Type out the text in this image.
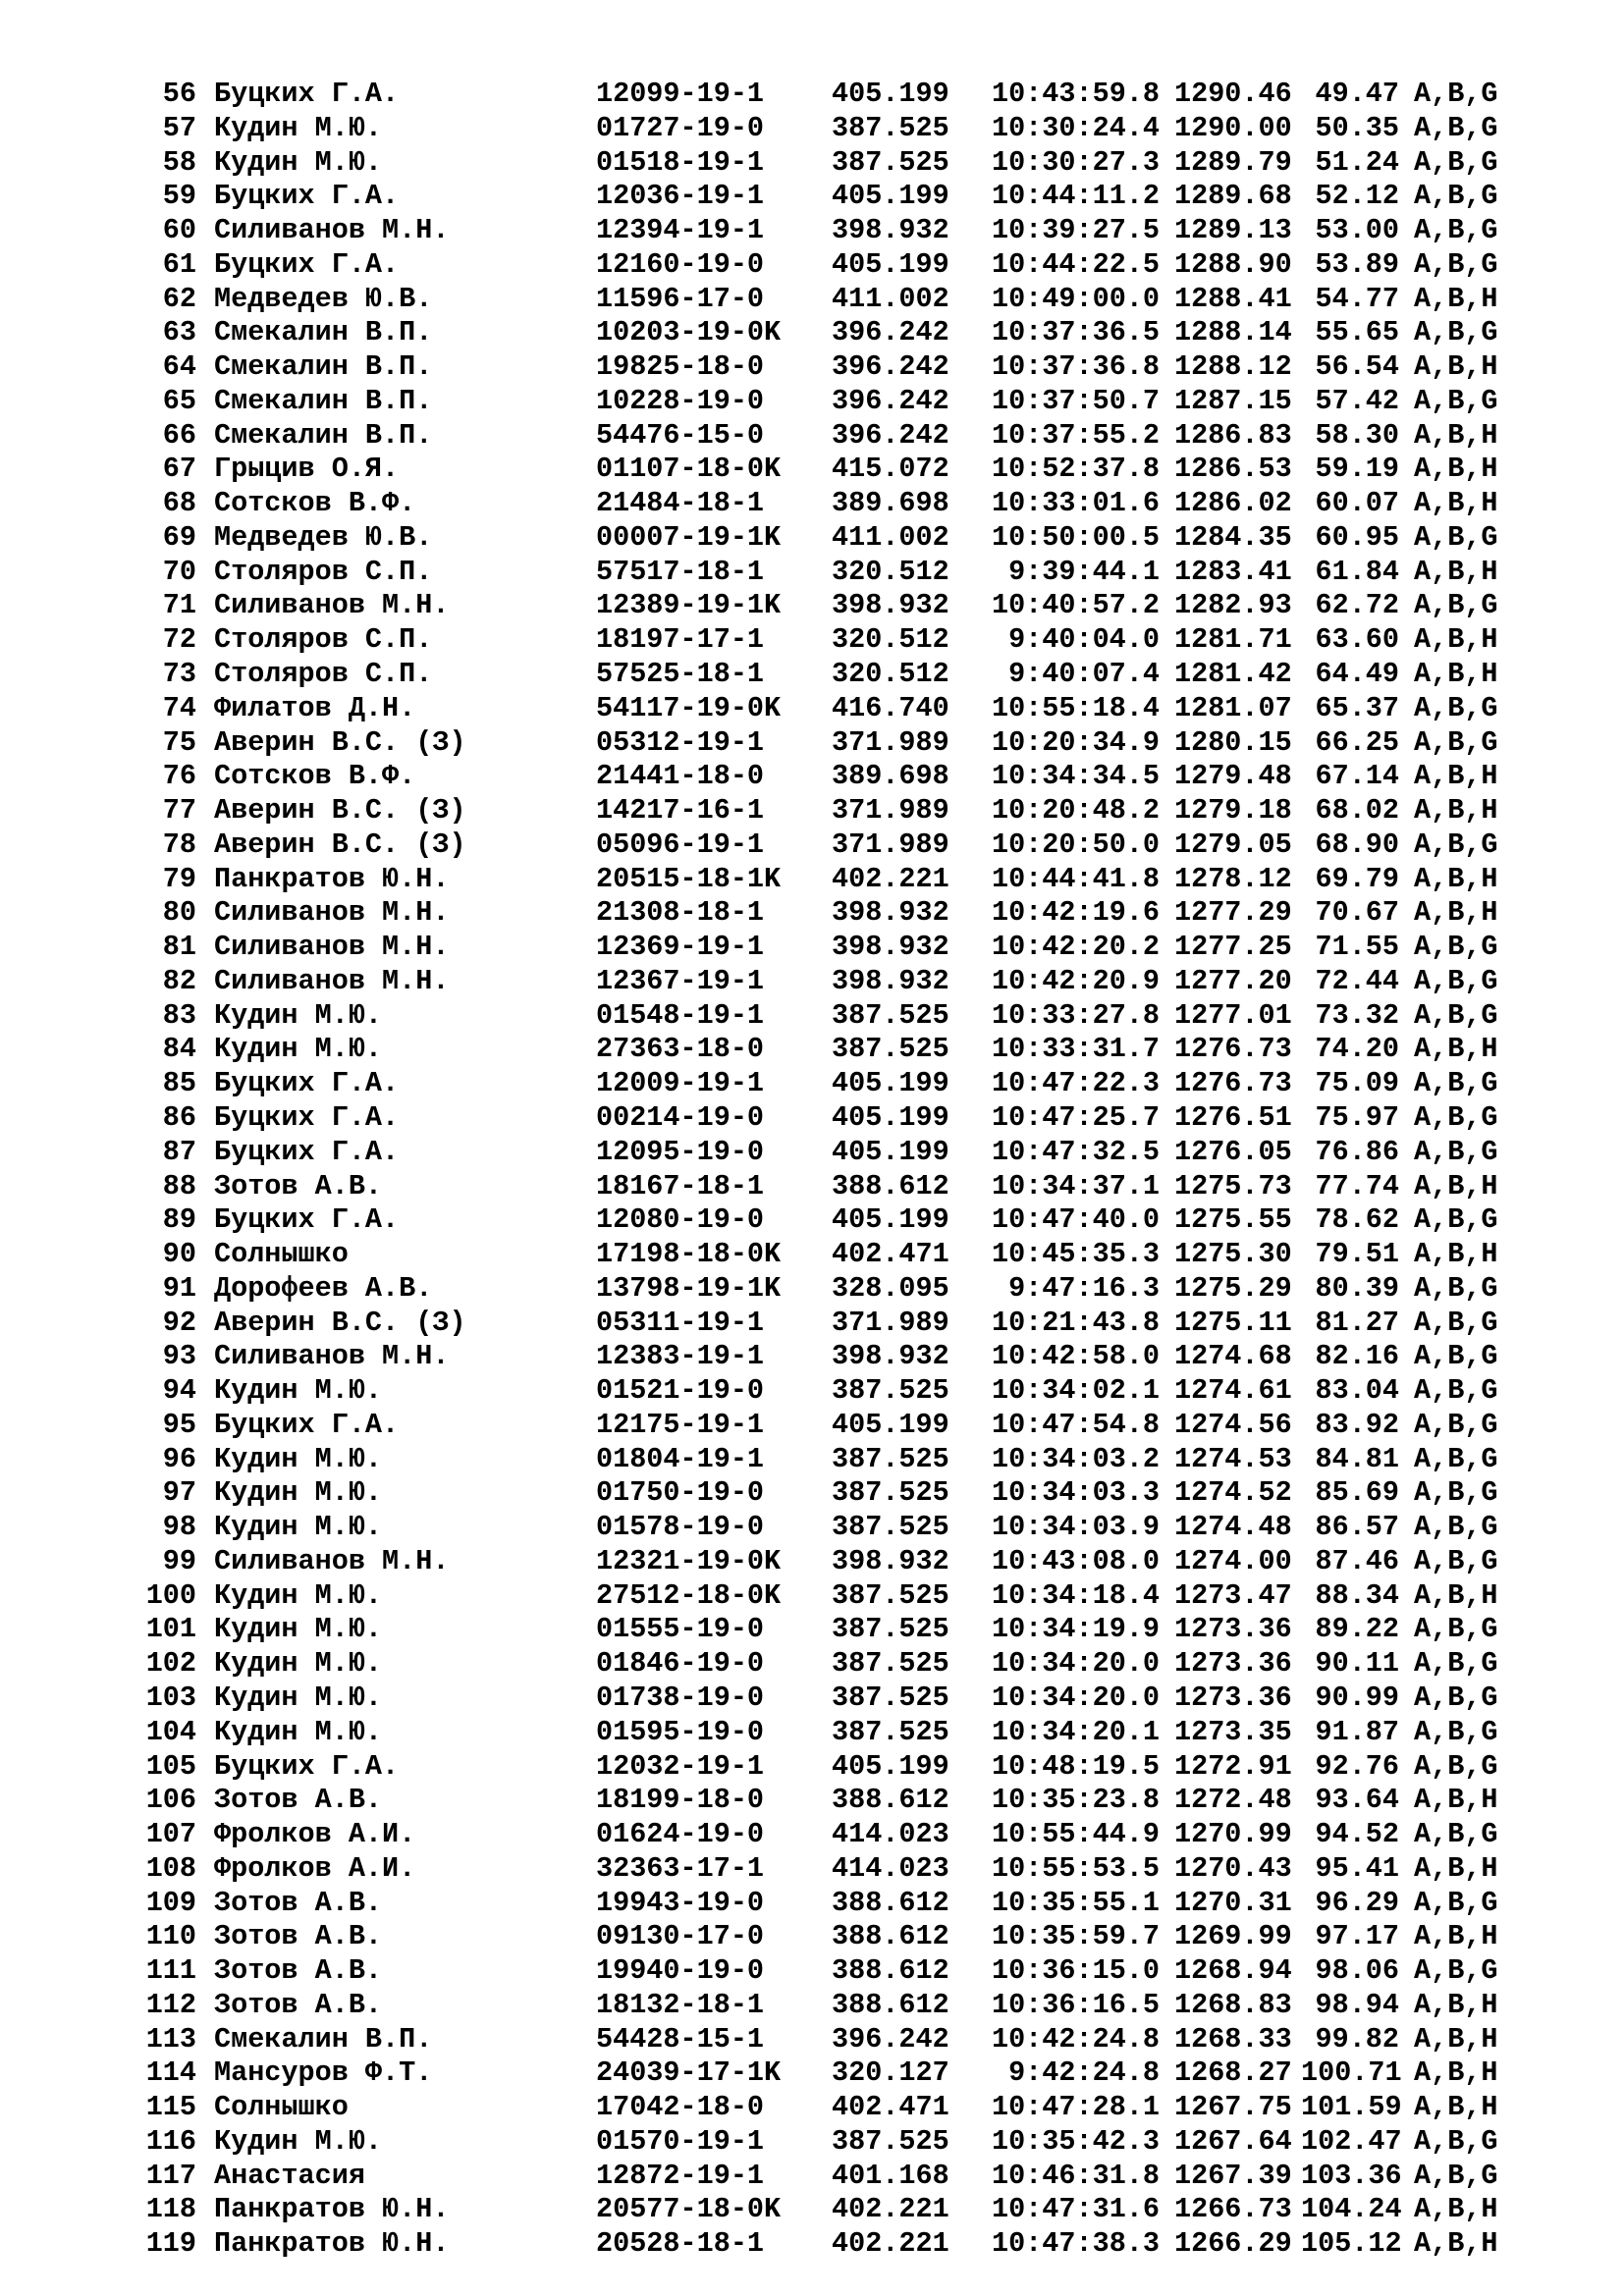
56 Буцких Г.А.	12099-19-1 405.199	10:43:59.8 1290.46 49.47 A,B,G
57 Кудин М.Ю.	01727-19-0 387.525	10:30:24.4 1290.00 50.35 A,B,G
58 Кудин М.Ю.	01518-19-1 387.525	10:30:27.3 1289.79 51.24 A,B,G
59 Буцких Г.А.	12036-19-1 405.199	10:44:11.2 1289.68 52.12 A,B,G
60 Силиванов М.Н.	12394-19-1 398.932	10:39:27.5 1289.13 53.00 A,B,G
61 Буцких Г.А.	12160-19-0 405.199	10:44:22.5 1288.90 53.89 A,B,G
62 Медведев Ю.В.	11596-17-0 411.002	10:49:00.0 1288.41 54.77 A,B,H
63 Смекалин В.П.	10203-19-0K 396.242	10:37:36.5 1288.14 55.65 A,B,G
64 Смекалин В.П.	19825-18-0 396.242	10:37:36.8 1288.12 56.54 A,B,H
65 Смекалин В.П.	10228-19-0 396.242	10:37:50.7 1287.15 57.42 A,B,G
66 Смекалин В.П.	54476-15-0 396.242	10:37:55.2 1286.83 58.30 A,B,H
67 Грыцив О.Я.	01107-18-0K 415.072	10:52:37.8 1286.53 59.19 A,B,H
68 Сотсков В.Ф.	21484-18-1 389.698	10:33:01.6 1286.02 60.07 A,B,H
69 Медведев Ю.В.	00007-19-1K 411.002	10:50:00.5 1284.35 60.95 A,B,G
70 Столяров С.П.	57517-18-1 320.512	9:39:44.1 1283.41 61.84 A,B,H
71 Силиванов М.Н.	12389-19-1K 398.932	10:40:57.2 1282.93 62.72 A,B,G
72 Столяров С.П.	18197-17-1 320.512	9:40:04.0 1281.71 63.60 A,B,H
73 Столяров С.П.	57525-18-1 320.512	9:40:07.4 1281.42 64.49 A,B,H
74 Филатов Д.Н.	54117-19-0K 416.740	10:55:18.4 1281.07 65.37 A,B,G
75 Аверин В.С. (З)	05312-19-1 371.989	10:20:34.9 1280.15 66.25 A,B,G
76 Сотсков В.Ф.	21441-18-0 389.698	10:34:34.5 1279.48 67.14 A,B,H
77 Аверин В.С. (З)	14217-16-1 371.989	10:20:48.2 1279.18 68.02 A,B,H
78 Аверин В.С. (З)	05096-19-1 371.989	10:20:50.0 1279.05 68.90 A,B,G
79 Панкратов Ю.Н.	20515-18-1K 402.221	10:44:41.8 1278.12 69.79 A,B,H
80 Силиванов М.Н.	21308-18-1 398.932	10:42:19.6 1277.29 70.67 A,B,H
81 Силиванов М.Н.	12369-19-1 398.932	10:42:20.2 1277.25 71.55 A,B,G
82 Силиванов М.Н.	12367-19-1 398.932	10:42:20.9 1277.20 72.44 A,B,G
83 Кудин М.Ю.	01548-19-1 387.525	10:33:27.8 1277.01 73.32 A,B,G
84 Кудин М.Ю.	27363-18-0 387.525	10:33:31.7 1276.73 74.20 A,B,H
85 Буцких Г.А.	12009-19-1 405.199	10:47:22.3 1276.73 75.09 A,B,G
86 Буцких Г.А.	00214-19-0 405.199	10:47:25.7 1276.51 75.97 A,B,G
87 Буцких Г.А.	12095-19-0 405.199	10:47:32.5 1276.05 76.86 A,B,G
88 Зотов А.В.	18167-18-1 388.612	10:34:37.1 1275.73 77.74 A,B,H
89 Буцких Г.А.	12080-19-0 405.199	10:47:40.0 1275.55 78.62 A,B,G
90 Солнышко	17198-18-0K 402.471	10:45:35.3 1275.30 79.51 A,B,H
91 Дорофеев А.В.	13798-19-1K 328.095	9:47:16.3 1275.29 80.39 A,B,G
92 Аверин В.С. (З)	05311-19-1 371.989	10:21:43.8 1275.11 81.27 A,B,G
93 Силиванов М.Н.	12383-19-1 398.932	10:42:58.0 1274.68 82.16 A,B,G
94 Кудин М.Ю.	01521-19-0 387.525	10:34:02.1 1274.61 83.04 A,B,G
95 Буцких Г.А.	12175-19-1 405.199	10:47:54.8 1274.56 83.92 A,B,G
96 Кудин М.Ю.	01804-19-1 387.525	10:34:03.2 1274.53 84.81 A,B,G
97 Кудин М.Ю.	01750-19-0 387.525	10:34:03.3 1274.52 85.69 A,B,G
98 Кудин М.Ю.	01578-19-0 387.525	10:34:03.9 1274.48 86.57 A,B,G
99 Силиванов М.Н.	12321-19-0K 398.932	10:43:08.0 1274.00 87.46 A,B,G
100 Кудин М.Ю.	27512-18-0K 387.525	10:34:18.4 1273.47 88.34 A,B,H
101 Кудин М.Ю.	01555-19-0 387.525	10:34:19.9 1273.36 89.22 A,B,G
102 Кудин М.Ю.	01846-19-0 387.525	10:34:20.0 1273.36 90.11 A,B,G
103 Кудин М.Ю.	01738-19-0 387.525	10:34:20.0 1273.36 90.99 A,B,G
104 Кудин М.Ю.	01595-19-0 387.525	10:34:20.1 1273.35 91.87 A,B,G
105 Буцких Г.А.	12032-19-1 405.199	10:48:19.5 1272.91 92.76 A,B,G
106 Зотов А.В.	18199-18-0 388.612	10:35:23.8 1272.48 93.64 A,B,H
107 Фролков А.И.	01624-19-0 414.023	10:55:44.9 1270.99 94.52 A,B,G
108 Фролков А.И.	32363-17-1 414.023	10:55:53.5 1270.43 95.41 A,B,H
109 Зотов А.В.	19943-19-0 388.612	10:35:55.1 1270.31 96.29 A,B,G
110 Зотов А.В.	09130-17-0 388.612	10:35:59.7 1269.99 97.17 A,B,H
111 Зотов А.В.	19940-19-0 388.612	10:36:15.0 1268.94 98.06 A,B,G
112 Зотов А.В.	18132-18-1 388.612	10:36:16.5 1268.83 98.94 A,B,H
113 Смекалин В.П.	54428-15-1 396.242	10:42:24.8 1268.33 99.82 A,B,H
114 Мансуров Ф.Т.	24039-17-1K 320.127	9:42:24.8 1268.27 100.71 A,B,H
115 Солнышко	17042-18-0 402.471	10:47:28.1 1267.75 101.59 A,B,H
116 Кудин М.Ю.	01570-19-1 387.525	10:35:42.3 1267.64 102.47 A,B,G
117 Анастасия	12872-19-1 401.168	10:46:31.8 1267.39 103.36 A,B,G
118 Панкратов Ю.Н.	20577-18-0K 402.221	10:47:31.6 1266.73 104.24 A,B,H
119 Панкратов Ю.Н.	20528-18-1 402.221	10:47:38.3 1266.29 105.12 A,B,H
